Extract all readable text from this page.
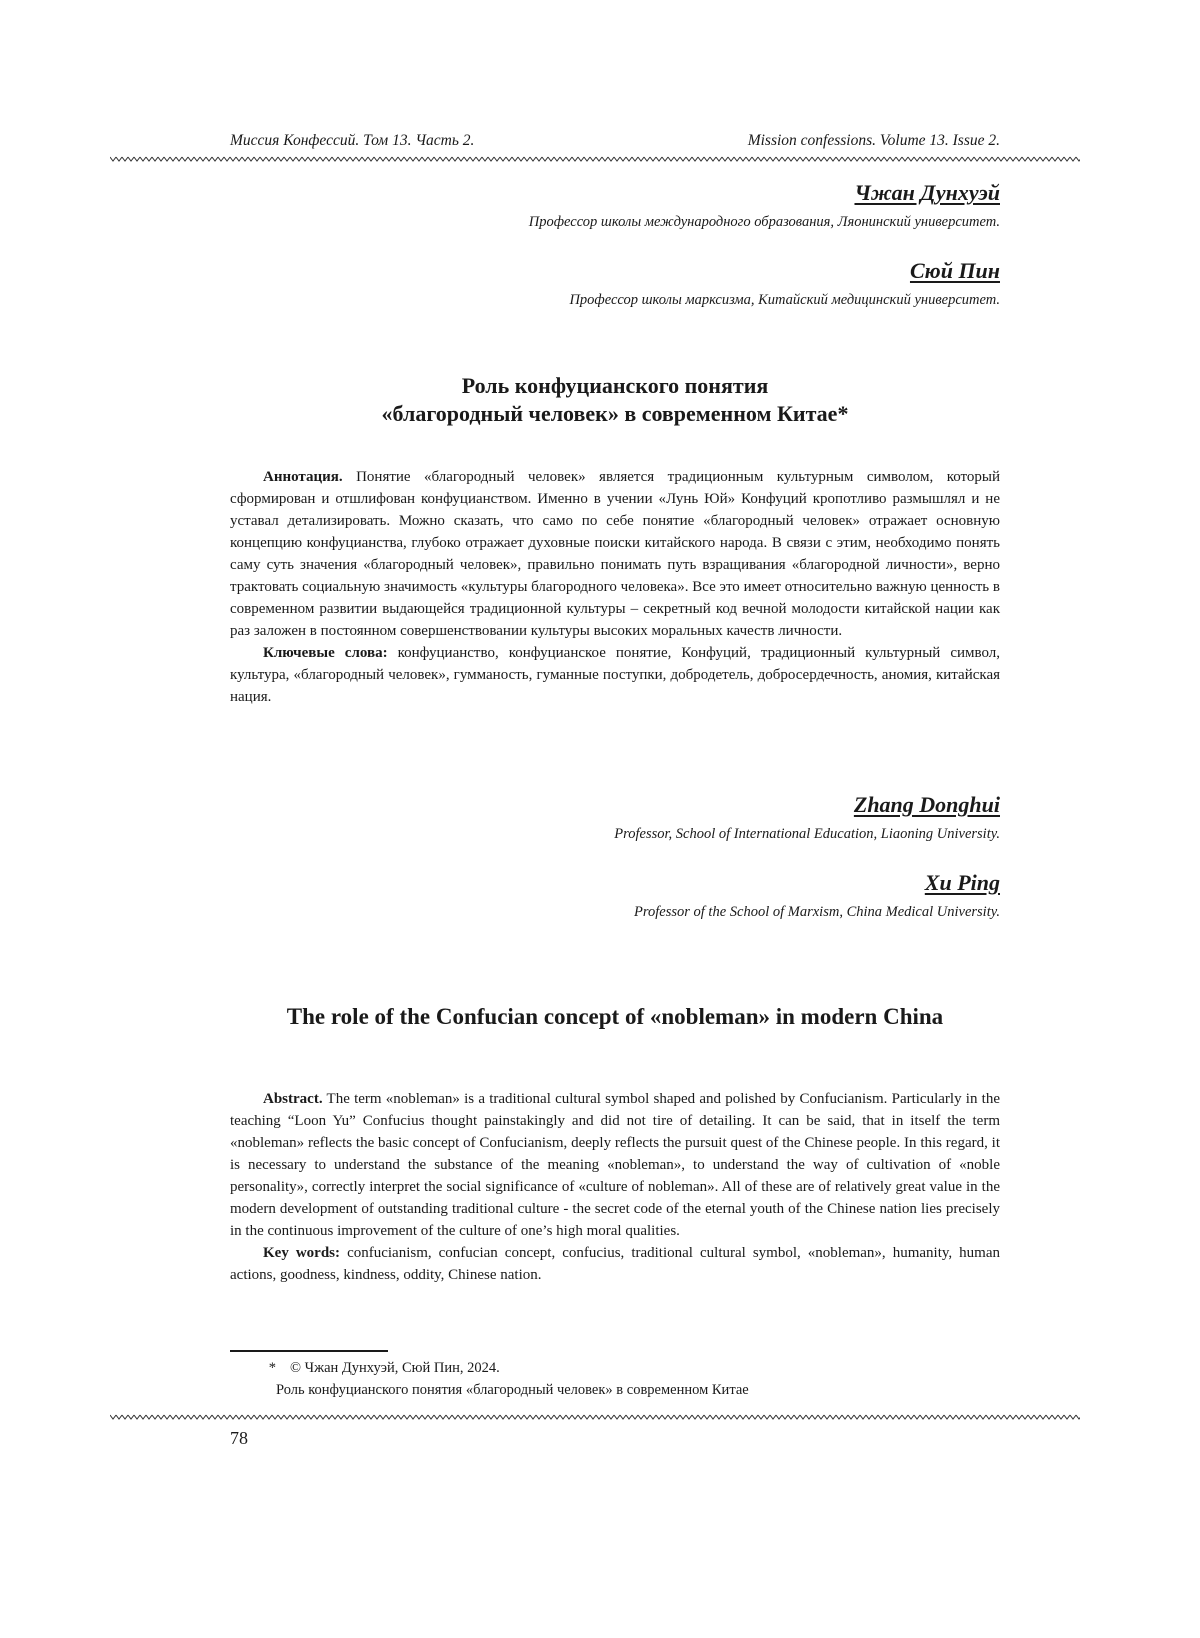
Миссия Конфессий. Том 13. Часть 2.	Mission confessions. Volume 13. Issue 2.
Чжан Дунхуэй
Профессор школы международного образования, Ляонинский университет.
Сюй Пин
Профессор школы марксизма, Китайский медицинский университет.
Роль конфуцианского понятия
«благородный человек» в современном Китае*

Аннотация. Понятие «благородный человек» является традиционным культурным символом, который сформирован и отшлифован конфуцианством. Именно в учении «Лунь Юй» Конфуций кропотливо размышлял и не уставал детализировать. Можно сказать, что само по себе понятие «благородный человек» отражает основную концепцию конфуцианства, глубоко отражает духовные поиски китайского народа. В связи с этим, необходимо понять саму суть значения «благородный человек», правильно понимать путь взращивания «благородной личности», верно трактовать социальную значимость «культуры благородного человека». Все это имеет относительно важную ценность в современном развитии выдающейся традиционной культуры – секретный код вечной молодости китайской нации как раз заложен в постоянном совершенствовании культуры высоких моральных качеств личности.

Ключевые слова: конфуцианство, конфуцианское понятие, Конфуций, традиционный культурный символ, культура, «благородный человек», гумманость, гуманные поступки, добродетель, добросердечность, аномия, китайская нация.

Zhang Donghui
Professor, School of International Education, Liaoning University.
Xu Ping
Professor of the School of Marxism, China Medical University.
The role of the Confucian concept of «nobleman» in modern China

Abstract. The term «nobleman» is a traditional cultural symbol shaped and polished by Confucianism. Particularly in the teaching “Loon Yu” Confucius thought painstakingly and did not tire of detailing. It can be said, that in itself the term «nobleman» reflects the basic concept of Confucianism, deeply reflects the pursuit quest of the Chinese people. In this regard, it is necessary to understand the substance of the meaning «nobleman», to understand the way of cultivation of «noble personality», correctly interpret the social significance of «culture of nobleman». All of these are of relatively great value in the modern development of outstanding traditional culture - the secret code of the eternal youth of the Chinese nation lies precisely in the continuous improvement of the culture of one’s high moral qualities.

Key words: confucianism, confucian concept, confucius, traditional cultural symbol, «nobleman», humanity, human actions, goodness, kindness, oddity, Chinese nation.

* © Чжан Дунхуэй, Сюй Пин, 2024.
Роль конфуцианского понятия «благородный человек» в современном Китае
78
